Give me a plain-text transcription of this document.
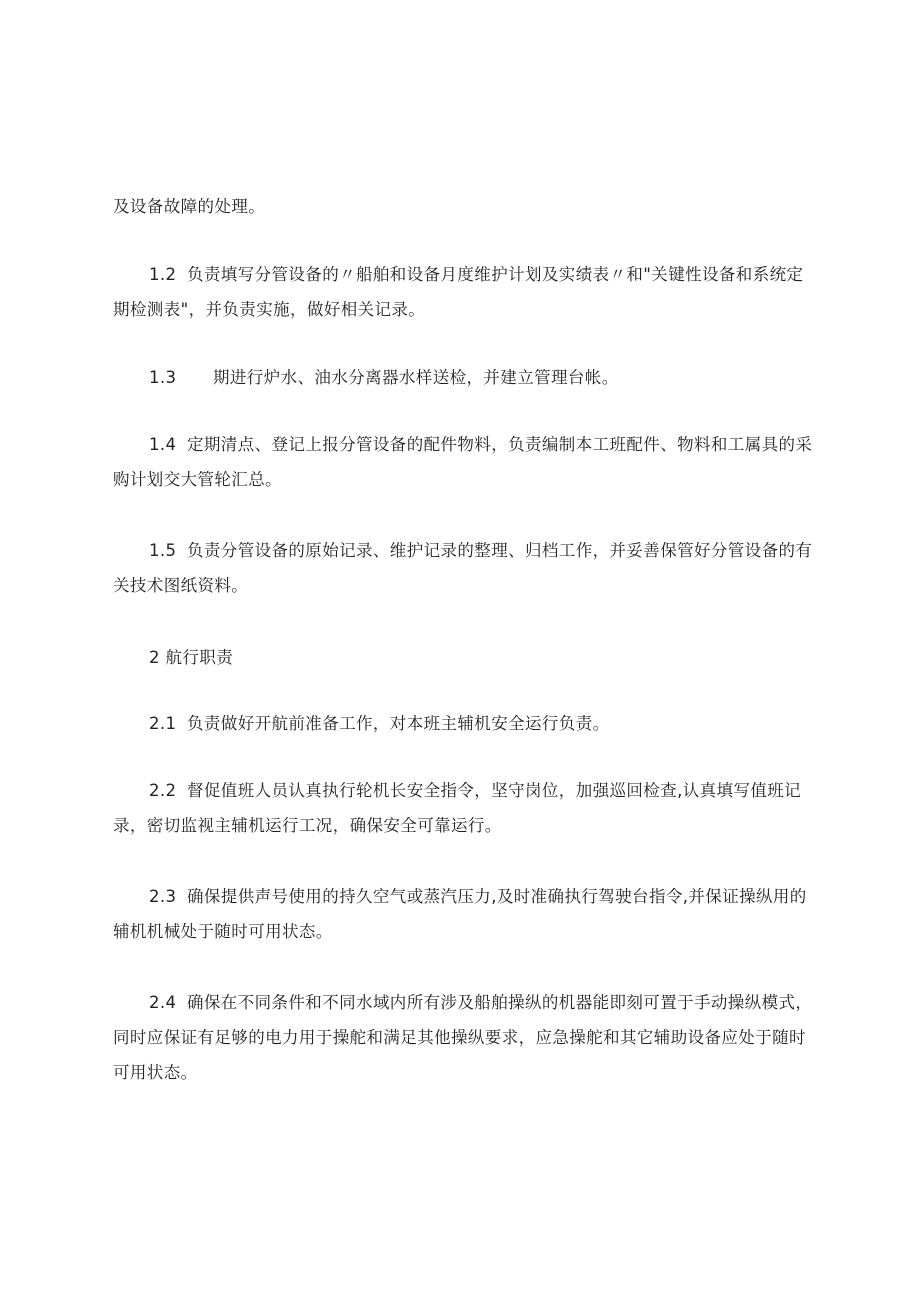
及设备故障的处理。

1.2 负责填写分管设备的〃船舶和设备月度维护计划及实绩表〃和"关键性设备和系统定期检测表"，并负责实施，做好相关记录。

1.3 期进行炉水、油水分离器水样送检，并建立管理台帐。

1.4 定期清点、登记上报分管设备的配件物料，负责编制本工班配件、物料和工属具的采购计划交大管轮汇总。

1.5 负责分管设备的原始记录、维护记录的整理、归档工作，并妥善保管好分管设备的有关技术图纸资料。

2 航行职责

2.1 负责做好开航前准备工作，对本班主辅机安全运行负责。

2.2 督促值班人员认真执行轮机长安全指令，坚守岗位，加强巡回检查,认真填写值班记录，密切监视主辅机运行工况，确保安全可靠运行。

2.3 确保提供声号使用的持久空气或蒸汽压力,及时准确执行驾驶台指令,并保证操纵用的辅机机械处于随时可用状态。

2.4 确保在不同条件和不同水域内所有涉及船舶操纵的机器能即刻可置于手动操纵模式，同时应保证有足够的电力用于操舵和满足其他操纵要求，应急操舵和其它辅助设备应处于随时可用状态。
